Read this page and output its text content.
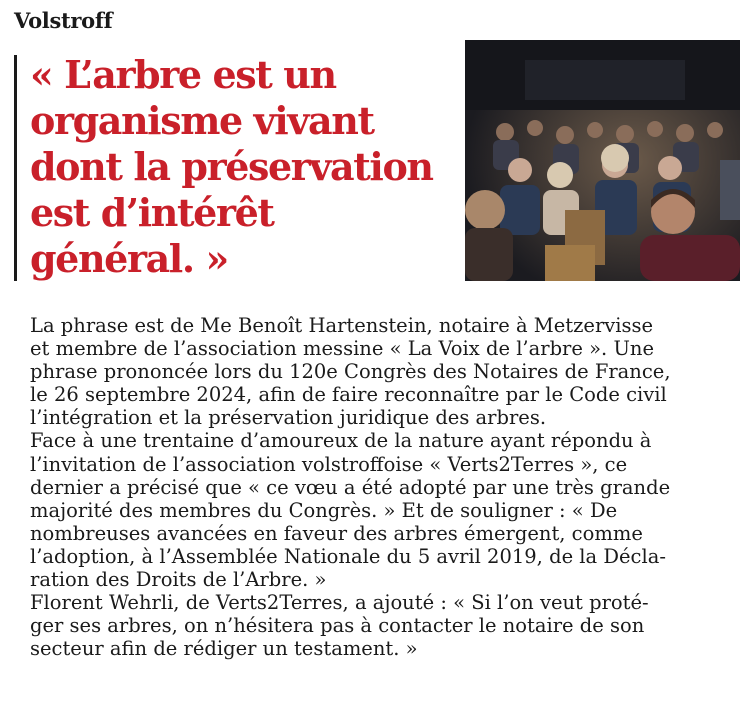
Volstroff
« L’arbre est un
organisme vivant
dont la préservation
est d’intérêt
général. »

La phrase est de Me Benoît Hartenstein, notaire à Metzervisse
et membre de l’association messine « La Voix de l’arbre ». Une
phrase prononcée lors du 120e Congrès des Notaires de France,
le 26 septembre 2024, afin de faire reconnaître par le Code civil
l’intégration et la préservation juridique des arbres.

Face à une trentaine d’amoureux de la nature ayant répondu à
l’invitation de l’association volstroffoise « Verts2Terres », ce
dernier a précisé que « ce vœu a été adopté par une très grande
majorité des membres du Congrès. » Et de souligner : « De
nombreuses avancées en faveur des arbres émergent, comme
l’adoption, à l’Assemblée Nationale du 5 avril 2019, de la Décla-
ration des Droits de l’Arbre. »

Florent Wehrli, de Verts2Terres, a ajouté : « Si l’on veut proté-
ger ses arbres, on n’hésitera pas à contacter le notaire de son
secteur afin de rédiger un testament. »
